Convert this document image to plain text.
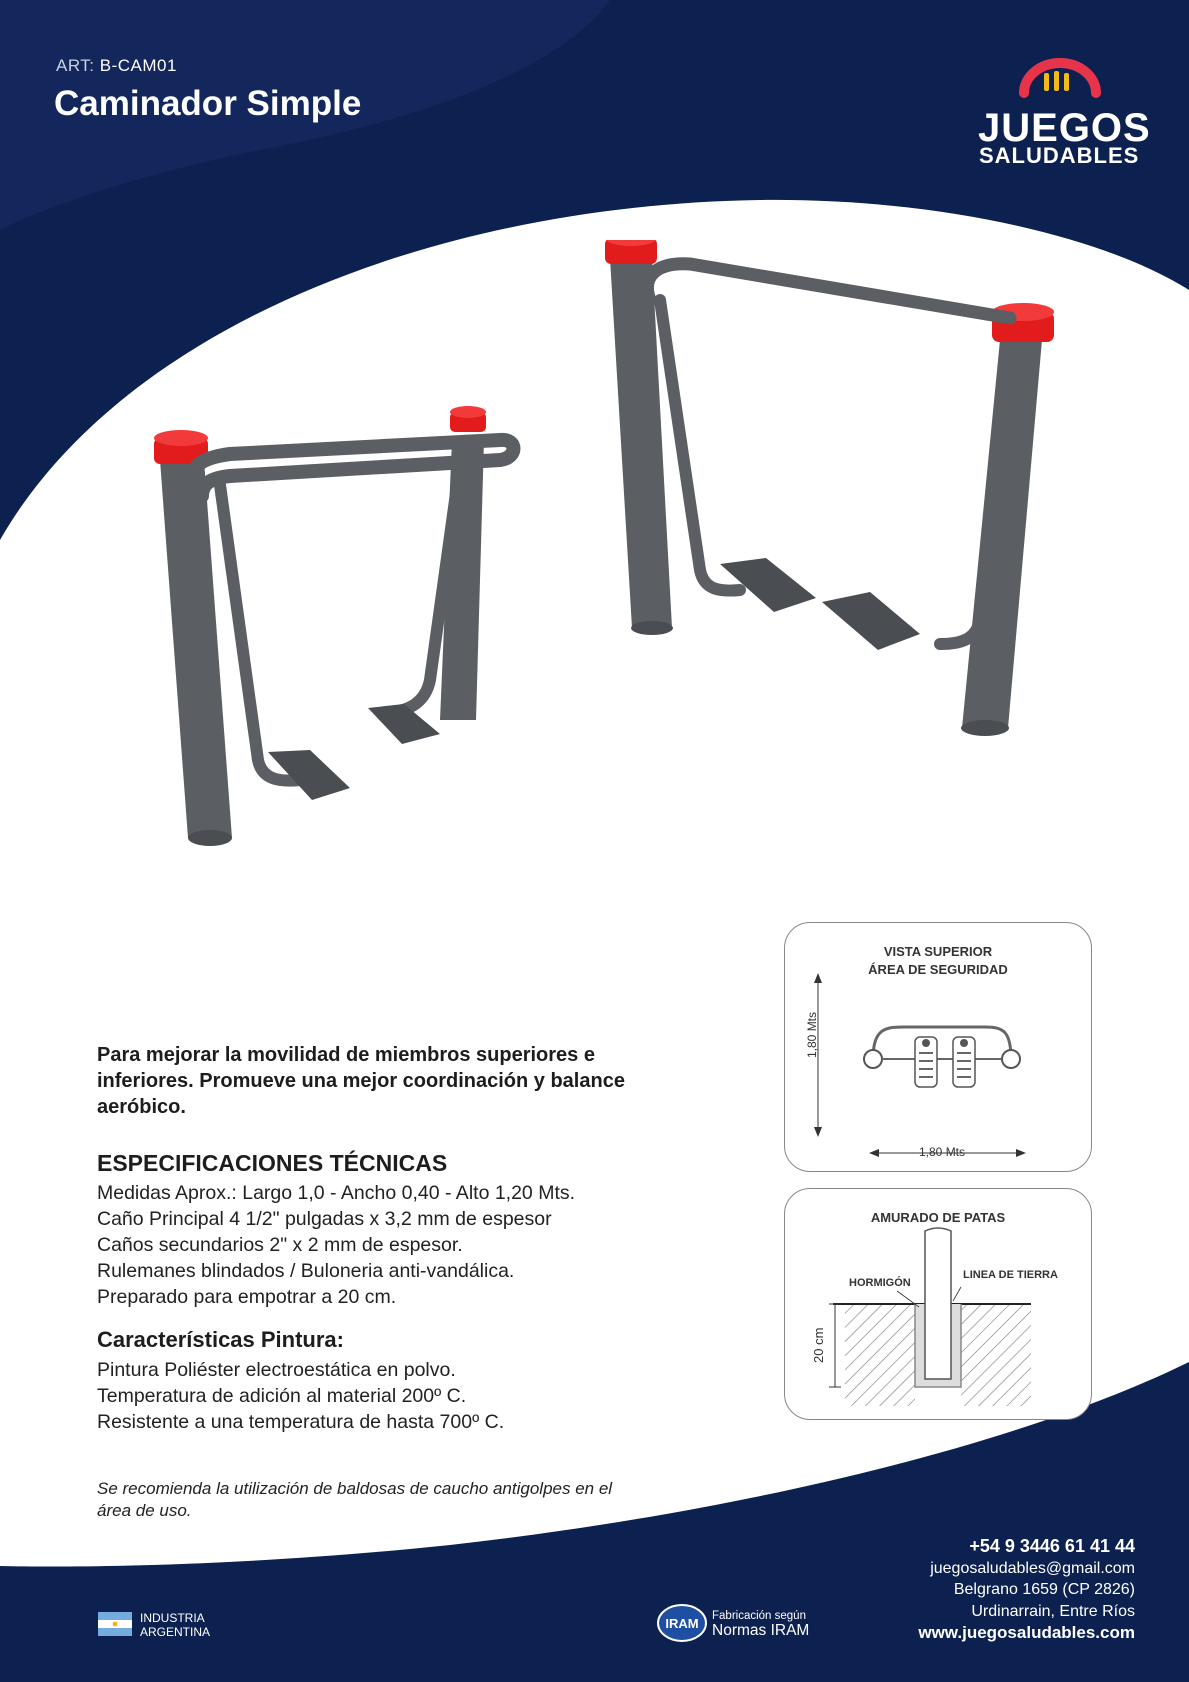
ART: B-CAM01
Caminador Simple
JUEGOS
SALUDABLES
Para mejorar la movilidad de miembros superiores e inferiores. Promueve una mejor coordinación y balance aeróbico.
ESPECIFICACIONES TÉCNICAS
Medidas Aprox.: Largo 1,0 - Ancho 0,40 - Alto 1,20 Mts.
Caño Principal 4 1/2" pulgadas x 3,2 mm de espesor
Caños secundarios 2" x 2 mm de espesor.
Rulemanes blindados / Buloneria anti-vandálica.
Preparado para empotrar a 20 cm.
Características Pintura:
Pintura Poliéster electroestática en polvo.
Temperatura de adición al material 200º C.
Resistente a una temperatura de hasta 700º C.
Se recomienda la utilización de baldosas de caucho antigolpes en el área de uso.
VISTA SUPERIOR
ÁREA DE SEGURIDAD
1,80 Mts
1,80 Mts
AMURADO DE PATAS
HORMIGÓN
LINEA DE TIERRA
20 cm
+54 9 3446 61 41 44
juegosaludables@gmail.com
Belgrano 1659 (CP 2826)
Urdinarrain, Entre Ríos
www.juegosaludables.com
INDUSTRIA
ARGENTINA
IRAM Fabricación según
Normas IRAM
